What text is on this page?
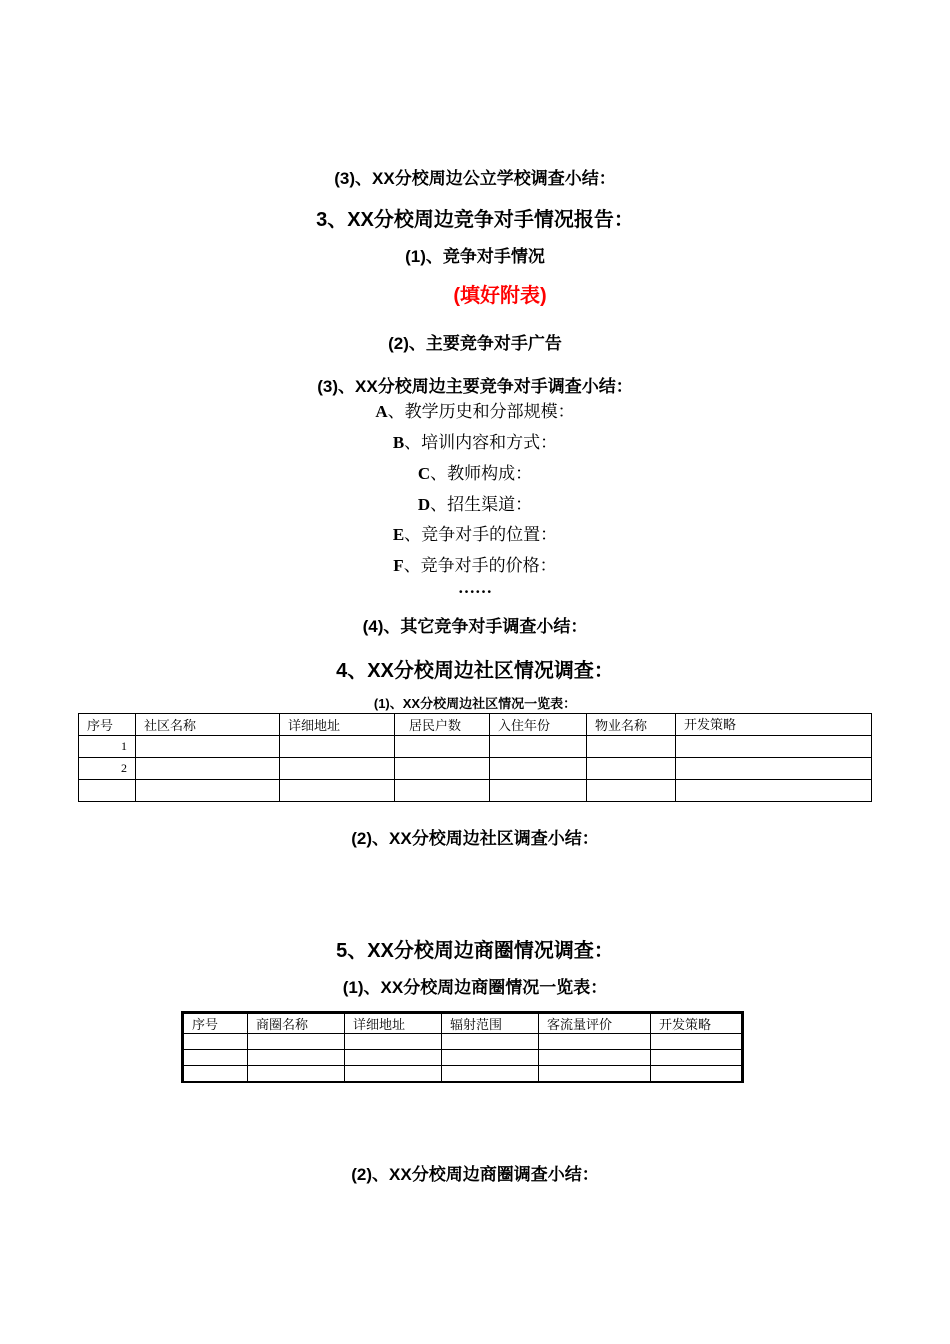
(3)、XX分校周边公立学校调查小结：
3、XX分校周边竞争对手情况报告：
(1)、竞争对手情况
(填好附表)
(2)、主要竞争对手广告
(3)、XX分校周边主要竞争对手调查小结：
A、教学历史和分部规模：
B、培训内容和方式：
C、教师构成：
D、招生渠道：
E、竞争对手的位置：
F、竞争对手的价格：
……
(4)、其它竞争对手调查小结：
4、XX分校周边社区情况调查：
(1)、XX分校周边社区情况一览表：
序号	社区名称	详细地址	居民户数	入住年份	物业名称	开发策略
1						
2						

(2)、XX分校周边社区调查小结：
5、XX分校周边商圈情况调查：
(1)、XX分校周边商圈情况一览表：
序号	商圈名称	详细地址	辐射范围	客流量评价	开发策略

(2)、XX分校周边商圈调查小结：
